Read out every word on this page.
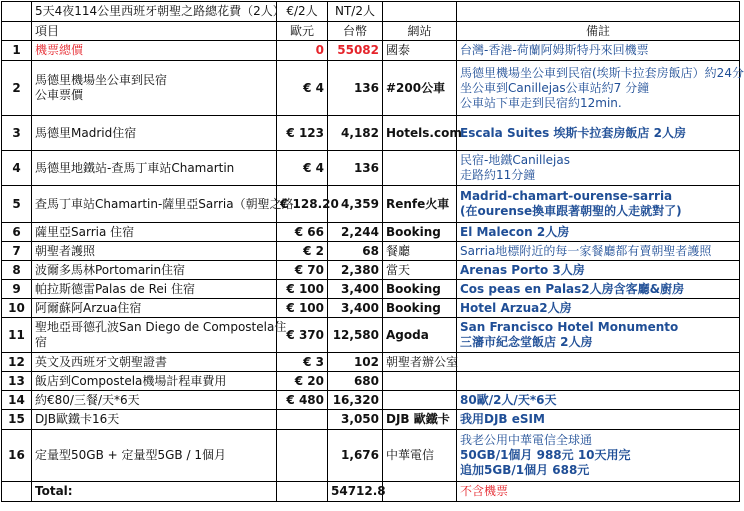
	5天4夜114公里西班牙朝聖之路總花費（2人）	€/2人	NT/2人		
	項目	歐元	台幣	網站	備註
1	機票總價	0	55082	國泰	台灣-香港-荷蘭阿姆斯特丹來回機票

2	馬德里機場坐公車到民宿
公車票價	€ 4	136	#200公車	馬德里機場坐公車到民宿(埃斯卡拉套房飯店）約24分
坐公車到Canillejas公車站約7 分鐘
公車站下車走到民宿約12min.

3	馬德里Madrid住宿	€ 123	4,182	Hotels.com	Escala Suites 埃斯卡拉套房飯店 2人房

4	馬德里地鐵站-查馬丁車站Chamartin	€ 4	136		民宿-地鐵Canillejas
走路約11分鐘

5	查馬丁車站Chamartin-薩里亞Sarria（朝聖之路	€ 128.20	4,359	Renfe火車	Madrid-chamart-ourense-sarria
(在ourense換車跟著朝聖的人走就對了)

6	薩里亞Sarria 住宿	€ 66	2,244	Booking	El Malecon 2人房

7	朝聖者護照	€ 2	68	餐廳	Sarria地標附近的每一家餐廳都有賣朝聖者護照

8	波爾多馬林Portomarin住宿	€ 70	2,380	當天	Arenas Porto 3人房

9	帕拉斯德雷Palas de Rei 住宿	€ 100	3,400	Booking	Cos peas en Palas2人房含客廳&廚房

10	阿爾蘇阿Arzua住宿	€ 100	3,400	Booking	Hotel Arzua2人房

11	聖地亞哥德孔波San Diego de Compostela住
宿	€ 370	12,580	Agoda	San Francisco Hotel Monumento
三瀋市紀念堂飯店 2人房

12	英文及西班牙文朝聖證書	€ 3	102	朝聖者辦公室	
13	飯店到Compostela機場計程車費用	€ 20	680		
14	約€80/三餐/天*6天	€ 480	16,320		80歐/2人/天*6天

15	DJB歐鐵卡16天		3,050	DJB 歐鐵卡	我用DJB eSIM

16	定量型50GB + 定量型5GB / 1個月		1,676	中華電信	我老公用中華電信全球通
50GB/1個月 988元 10天用完
追加5GB/1個月 688元

	Total:		54712.8		不含機票
